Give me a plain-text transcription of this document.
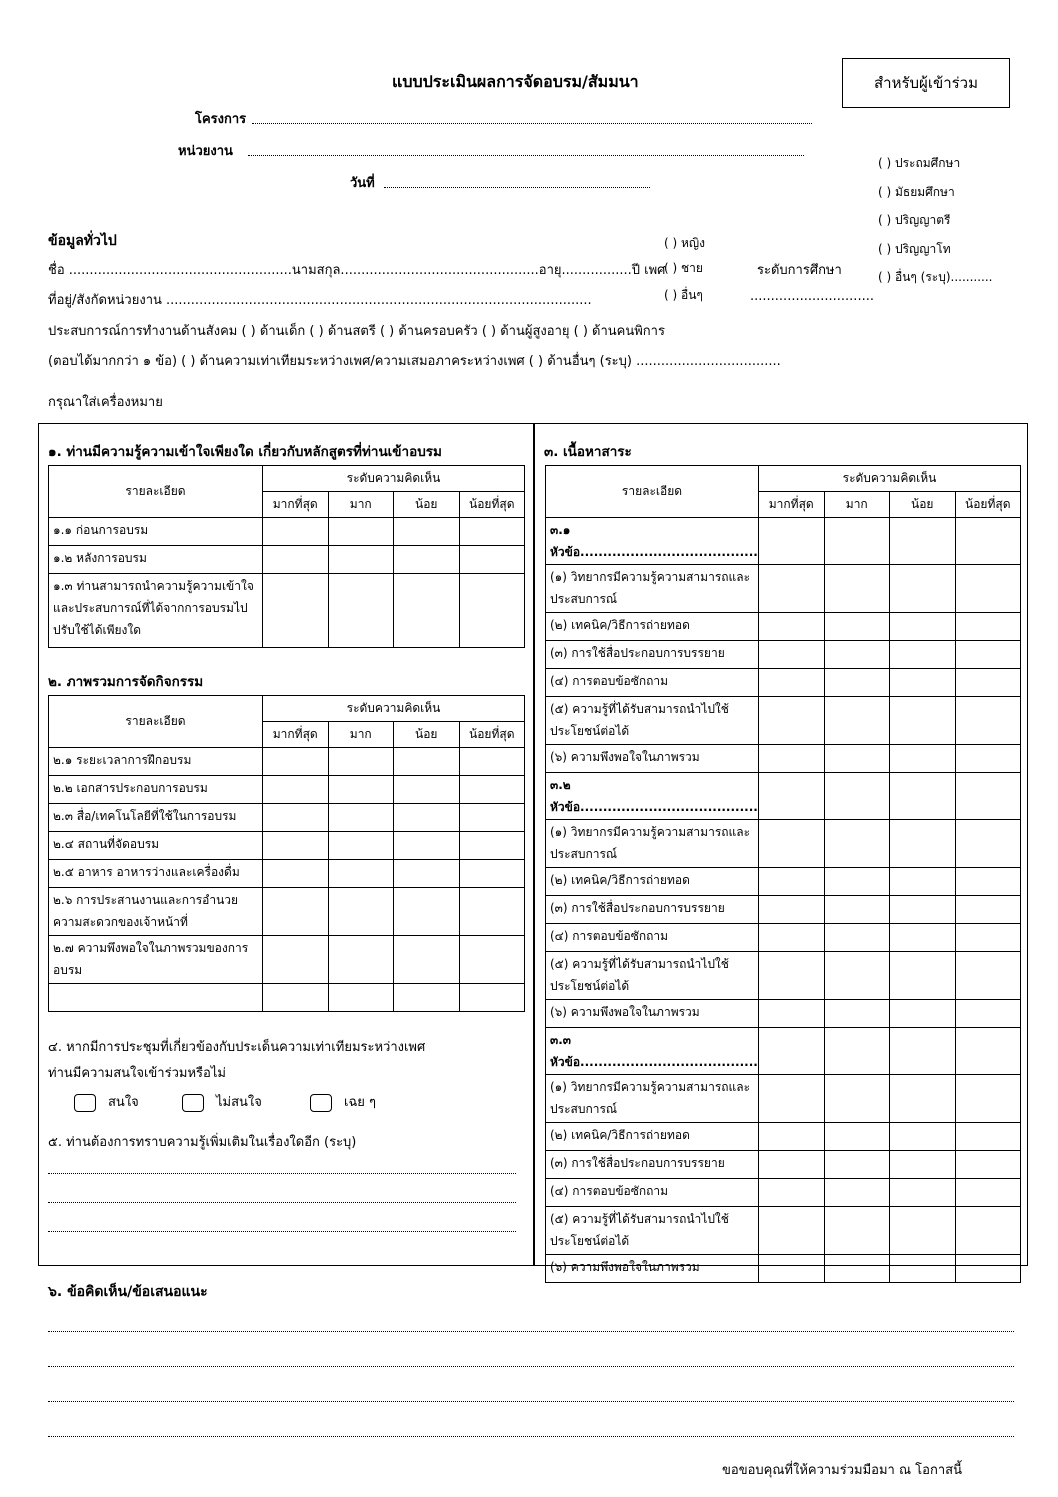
แบบประเมินผลการจัดอบรม/สัมมนา	สำหรับผู้เข้าร่วม
โครงการ
หน่วยงาน
วันที่
( ) ประถมศึกษา
( ) มัธยมศึกษา
( ) ปริญญาตรี
( ) ปริญญาโท
( ) อื่นๆ (ระบุ)...........
ข้อมูลทั่วไป
ชื่อ ......................................................นามสกุล................................................อายุ.................ปี เพศ
ที่อยู่/สังกัดหน่วยงาน .......................................................................................................
( ) หญิง
( ) ชาย
( ) อื่นๆ
ระดับการศึกษา
..............................
ประสบการณ์การทำงานด้านสังคม ( ) ด้านเด็ก ( ) ด้านสตรี ( ) ด้านครอบครัว ( ) ด้านผู้สูงอายุ ( ) ด้านคนพิการ
(ตอบได้มากกว่า ๑ ข้อ) ( ) ด้านความเท่าเทียมระหว่างเพศ/ความเสมอภาคระหว่างเพศ ( ) ด้านอื่นๆ (ระบุ) ...................................
กรุณาใส่เครื่องหมาย
๑. ท่านมีความรู้ความเข้าใจเพียงใด เกี่ยวกับหลักสูตรที่ท่านเข้าอบรม
รายละเอียด	ระดับความคิดเห็น			
	มากที่สุด	มาก	น้อย	น้อยที่สุด
๑.๑ ก่อนการอบรม				
๑.๒ หลังการอบรม				
๑.๓ ท่านสามารถนำความรู้ความเข้าใจและประสบการณ์ที่ได้จากการอบรมไปปรับใช้ได้เพียงใด				
๒. ภาพรวมการจัดกิจกรรม
รายละเอียด	ระดับความคิดเห็น			
	มากที่สุด	มาก	น้อย	น้อยที่สุด
๒.๑ ระยะเวลาการฝึกอบรม				
๒.๒ เอกสารประกอบการอบรม				
๒.๓ สื่อ/เทคโนโลยีที่ใช้ในการอบรม				
๒.๔ สถานที่จัดอบรม				
๒.๕ อาหาร อาหารว่างและเครื่องดื่ม				
๒.๖ การประสานงานและการอำนวยความสะดวกของเจ้าหน้าที่				
๒.๗ ความพึงพอใจในภาพรวมของการอบรม				

๓. เนื้อหาสาระ
รายละเอียด	ระดับความคิดเห็น			
	มากที่สุด	มาก	น้อย	น้อยที่สุด
๓.๑ หัวข้อ.......................................				
(๑) วิทยากรมีความรู้ความสามารถและประสบการณ์				
(๒) เทคนิค/วิธีการถ่ายทอด				
(๓) การใช้สื่อประกอบการบรรยาย				
(๔) การตอบข้อซักถาม				
(๕) ความรู้ที่ได้รับสามารถนำไปใช้ประโยชน์ต่อได้				
(๖) ความพึงพอใจในภาพรวม				
๓.๒ หัวข้อ.......................................				
(๑) วิทยากรมีความรู้ความสามารถและประสบการณ์				
(๒) เทคนิค/วิธีการถ่ายทอด				
(๓) การใช้สื่อประกอบการบรรยาย				
(๔) การตอบข้อซักถาม				
(๕) ความรู้ที่ได้รับสามารถนำไปใช้ประโยชน์ต่อได้				
(๖) ความพึงพอใจในภาพรวม				
๓.๓ หัวข้อ.......................................				
(๑) วิทยากรมีความรู้ความสามารถและประสบการณ์				
(๒) เทคนิค/วิธีการถ่ายทอด				
(๓) การใช้สื่อประกอบการบรรยาย				
(๔) การตอบข้อซักถาม				
(๕) ความรู้ที่ได้รับสามารถนำไปใช้ประโยชน์ต่อได้				
(๖) ความพึงพอใจในภาพรวม				
๔. หากมีการประชุมที่เกี่ยวข้องกับประเด็นความเท่าเทียมระหว่างเพศ
ท่านมีความสนใจเข้าร่วมหรือไม่
สนใจ	ไม่สนใจ	เฉย ๆ
๕. ท่านต้องการทราบความรู้เพิ่มเติมในเรื่องใดอีก (ระบุ)
๖. ข้อคิดเห็น/ข้อเสนอแนะ
ขอขอบคุณที่ให้ความร่วมมือมา ณ โอกาสนี้
